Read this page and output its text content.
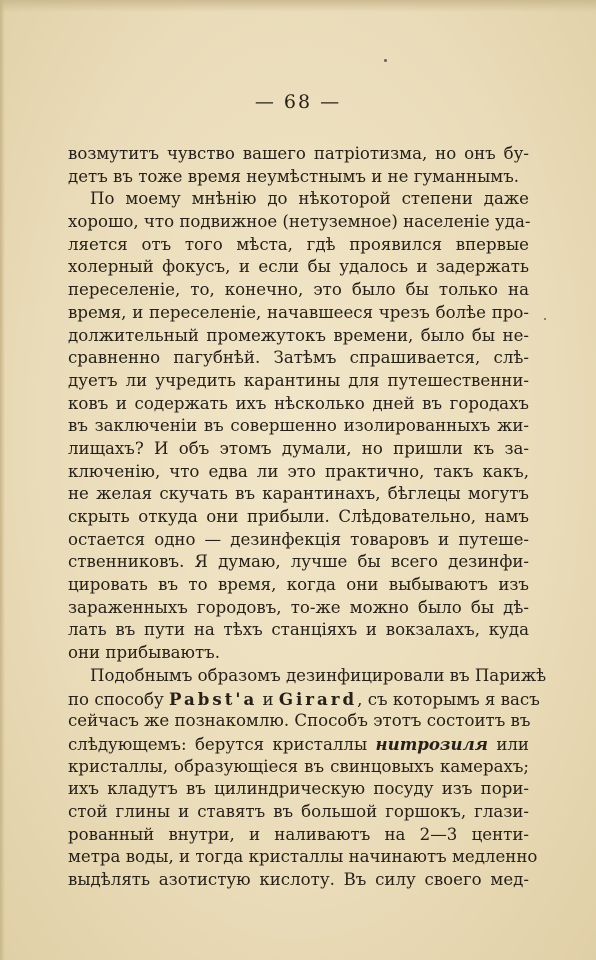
— 68 —
возмутитъ чувство вашего патріотизма, но онъ бу-
детъ въ тоже время неумѣстнымъ и не гуманнымъ.
По моему мнѣнію до нѣкоторой степени даже
хорошо, что подвижное (нетуземное) населеніе уда-
ляется отъ того мѣста, гдѣ проявился впервые
холерный фокусъ, и если бы удалось и задержать
переселеніе, то, конечно, это было бы только на
время, и переселеніе, начавшееся чрезъ болѣе про-
должительный промежутокъ времени, было бы не-
сравненно пагубнѣй. Затѣмъ спрашивается, слѣ-
дуетъ ли учредить карантины для путешественни-
ковъ и содержать ихъ нѣсколько дней въ городахъ
въ заключеніи въ совершенно изолированныхъ жи-
лищахъ? И объ этомъ думали, но пришли къ за-
ключенію, что едва ли это практично, такъ какъ,
не желая скучать въ карантинахъ, бѣглецы могутъ
скрыть откуда они прибыли. Слѣдовательно, намъ
остается одно — дезинфекція товаровъ и путеше-
ственниковъ. Я думаю, лучше бы всего дезинфи-
цировать въ то время, когда они выбываютъ изъ
зараженныхъ городовъ, то-же можно было бы дѣ-
лать въ пути на тѣхъ станціяхъ и вокзалахъ, куда
они прибываютъ.
Подобнымъ образомъ дезинфицировали въ Парижѣ
по способу Pabst'a и Girard, съ которымъ я васъ
сейчасъ же познакомлю. Способъ этотъ состоитъ въ
слѣдующемъ: берутся кристаллы нитрозиля или
кристаллы, образующіеся въ свинцовыхъ камерахъ;
ихъ кладутъ въ цилиндрическую посуду изъ пори-
стой глины и ставятъ въ большой горшокъ, глази-
рованный внутри, и наливаютъ на 2—3 центи-
метра воды, и тогда кристаллы начинаютъ медленно
выдѣлять азотистую кислоту. Въ силу своего мед-
